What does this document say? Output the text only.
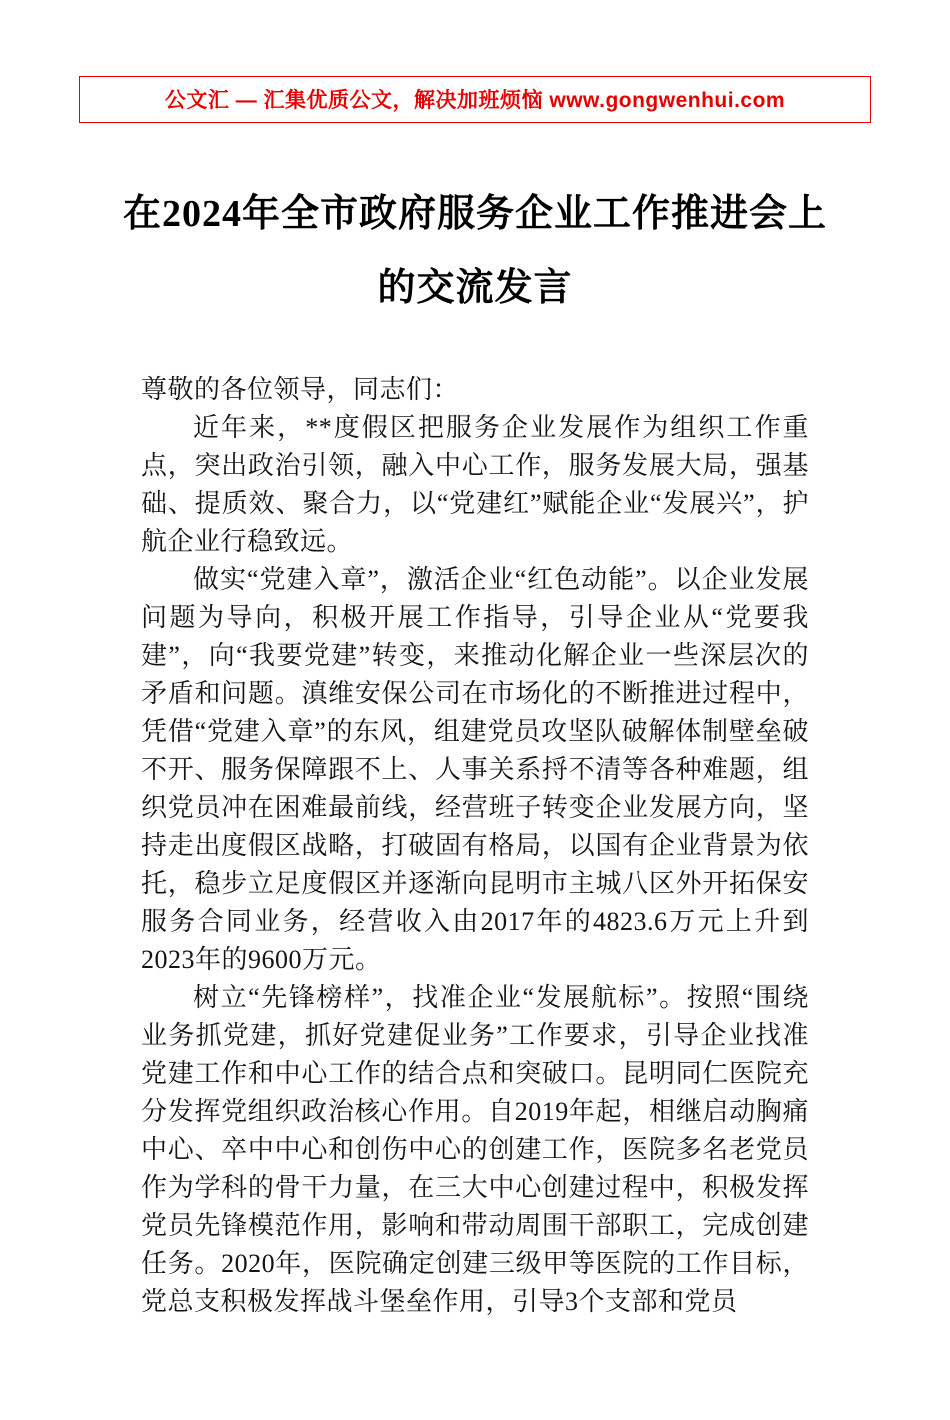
公文汇 — 汇集优质公文，解决加班烦恼 www.gongwenhui.com
在2024年全市政府服务企业工作推进会上
的交流发言

尊敬的各位领导，同志们：

近年来，**度假区把服务企业发展作为组织工作重点，突出政治引领，融入中心工作，服务发展大局，强基础、提质效、聚合力，以“党建红”赋能企业“发展兴”，护航企业行稳致远。

做实“党建入章”，激活企业“红色动能”。以企业发展问题为导向，积极开展工作指导，引导企业从“党要我建”，向“我要党建”转变，来推动化解企业一些深层次的矛盾和问题。滇维安保公司在市场化的不断推进过程中，凭借“党建入章”的东风，组建党员攻坚队破解体制壁垒破不开、服务保障跟不上、人事关系捋不清等各种难题，组织党员冲在困难最前线，经营班子转变企业发展方向，坚持走出度假区战略，打破固有格局，以国有企业背景为依托，稳步立足度假区并逐渐向昆明市主城八区外开拓保安服务合同业务，经营收入由2017年的4823.6万元上升到2023年的9600万元。

树立“先锋榜样”，找准企业“发展航标”。按照“围绕业务抓党建，抓好党建促业务”工作要求，引导企业找准党建工作和中心工作的结合点和突破口。昆明同仁医院充分发挥党组织政治核心作用。自2019年起，相继启动胸痛中心、卒中中心和创伤中心的创建工作，医院多名老党员作为学科的骨干力量，在三大中心创建过程中，积极发挥党员先锋模范作用，影响和带动周围干部职工，完成创建任务。2020年，医院确定创建三级甲等医院的工作目标，党总支积极发挥战斗堡垒作用，引导3个支部和党员
